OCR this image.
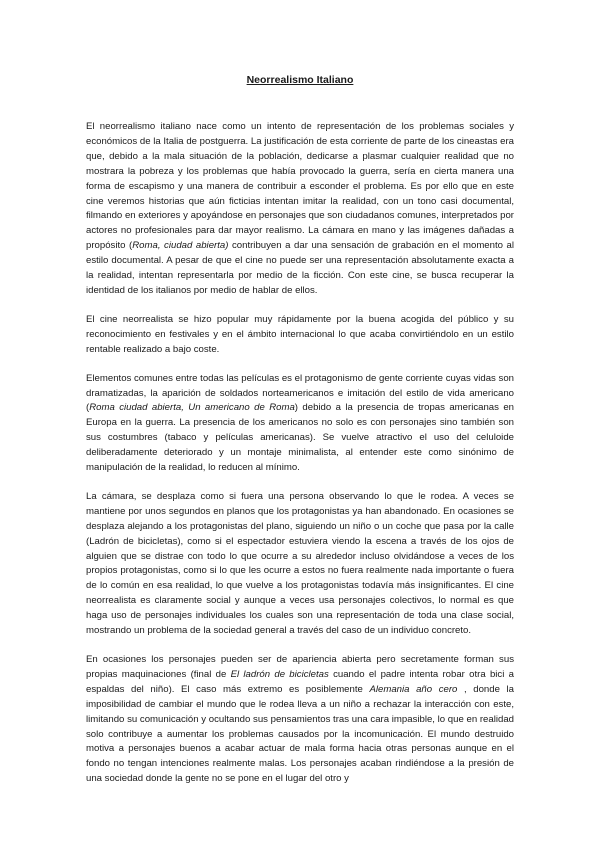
Neorrealismo Italiano

El neorrealismo italiano nace como un intento de representación de los problemas sociales y económicos de la Italia de postguerra. La justificación de esta corriente de parte de los cineastas era que, debido a la mala situación de la población, dedicarse a plasmar cualquier realidad que no mostrara la pobreza y los problemas que había provocado la guerra, sería en cierta manera una forma de escapismo y una manera de contribuir a esconder el problema. Es por ello que en este cine veremos historias que aún ficticias intentan imitar la realidad, con un tono casi documental, filmando en exteriores y apoyándose en personajes que son ciudadanos comunes, interpretados por actores no profesionales para dar mayor realismo. La cámara en mano y las imágenes dañadas a propósito (Roma, ciudad abierta) contribuyen a dar una sensación de grabación en el momento al estilo documental. A pesar de que el cine no puede ser una representación absolutamente exacta a la realidad, intentan representarla por medio de la ficción. Con este cine, se busca recuperar la identidad de los italianos por medio de hablar de ellos.

El cine neorrealista se hizo popular muy rápidamente por la buena acogida del público y su reconocimiento en festivales y en el ámbito internacional lo que acaba convirtiéndolo en un estilo rentable realizado a bajo coste.

Elementos comunes entre todas las películas es el protagonismo de gente corriente cuyas vidas son dramatizadas, la aparición de soldados norteamericanos e imitación del estilo de vida americano (Roma ciudad abierta, Un americano de Roma) debido a la presencia de tropas americanas en Europa en la guerra. La presencia de los americanos no solo es con personajes sino también son sus costumbres (tabaco y películas americanas). Se vuelve atractivo el uso del celuloide deliberadamente deteriorado y un montaje minimalista, al entender este como sinónimo de manipulación de la realidad, lo reducen al mínimo.

La cámara, se desplaza como si fuera una persona observando lo que le rodea. A veces se mantiene por unos segundos en planos que los protagonistas ya han abandonado. En ocasiones se desplaza alejando a los protagonistas del plano, siguiendo un niño o un coche que pasa por la calle (Ladrón de bicicletas), como si el espectador estuviera viendo la escena a través de los ojos de alguien que se distrae con todo lo que ocurre a su alrededor incluso olvidándose a veces de los propios protagonistas, como si lo que les ocurre a estos no fuera realmente nada importante o fuera de lo común en esa realidad, lo que vuelve a los protagonistas todavía más insignificantes. El cine neorrealista es claramente social y aunque a veces usa personajes colectivos, lo normal es que haga uso de personajes individuales los cuales son una representación de toda una clase social, mostrando un problema de la sociedad general a través del caso de un individuo concreto.

En ocasiones los personajes pueden ser de apariencia abierta pero secretamente forman sus propias maquinaciones (final de El ladrón de bicicletas cuando el padre intenta robar otra bici a espaldas del niño). El caso más extremo es posiblemente Alemania año cero , donde la imposibilidad de cambiar el mundo que le rodea lleva a un niño a rechazar la interacción con este, limitando su comunicación y ocultando sus pensamientos tras una cara impasible, lo que en realidad solo contribuye a aumentar los problemas causados por la incomunicación. El mundo destruido motiva a personajes buenos a acabar actuar de mala forma hacia otras personas aunque en el fondo no tengan intenciones realmente malas. Los personajes acaban rindiéndose a la presión de una sociedad donde la gente no se pone en el lugar del otro y
